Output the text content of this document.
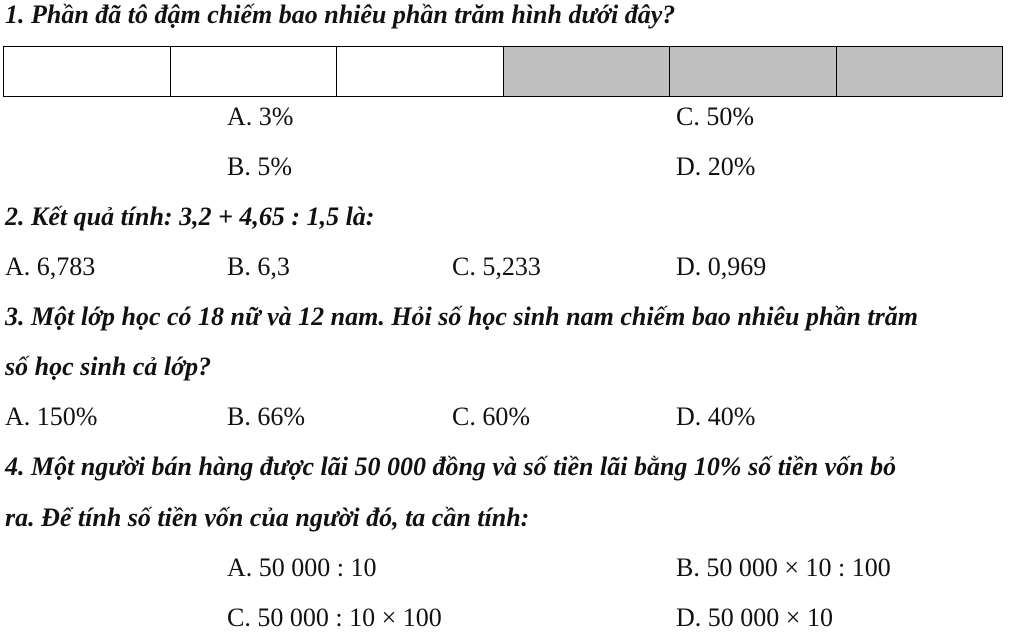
1. Phần đã tô đậm chiếm bao nhiêu phần trăm hình dưới đây?
A. 3%	C. 50%
B. 5%	D. 20%
2. Kết quả tính: 3,2 + 4,65 : 1,5 là:
A. 6,783	B. 6,3	C. 5,233	D. 0,969
3. Một lớp học có 18 nữ và 12 nam. Hỏi số học sinh nam chiếm bao nhiêu phần trăm
số học sinh cả lớp?
A. 150%	B. 66%	C. 60%	D. 40%
4. Một người bán hàng được lãi 50 000 đồng và số tiền lãi bằng 10% số tiền vốn bỏ
ra. Để tính số tiền vốn của người đó, ta cần tính:
A. 50 000 : 10	B. 50 000 × 10 : 100
C. 50 000 : 10 × 100	D. 50 000 × 10
